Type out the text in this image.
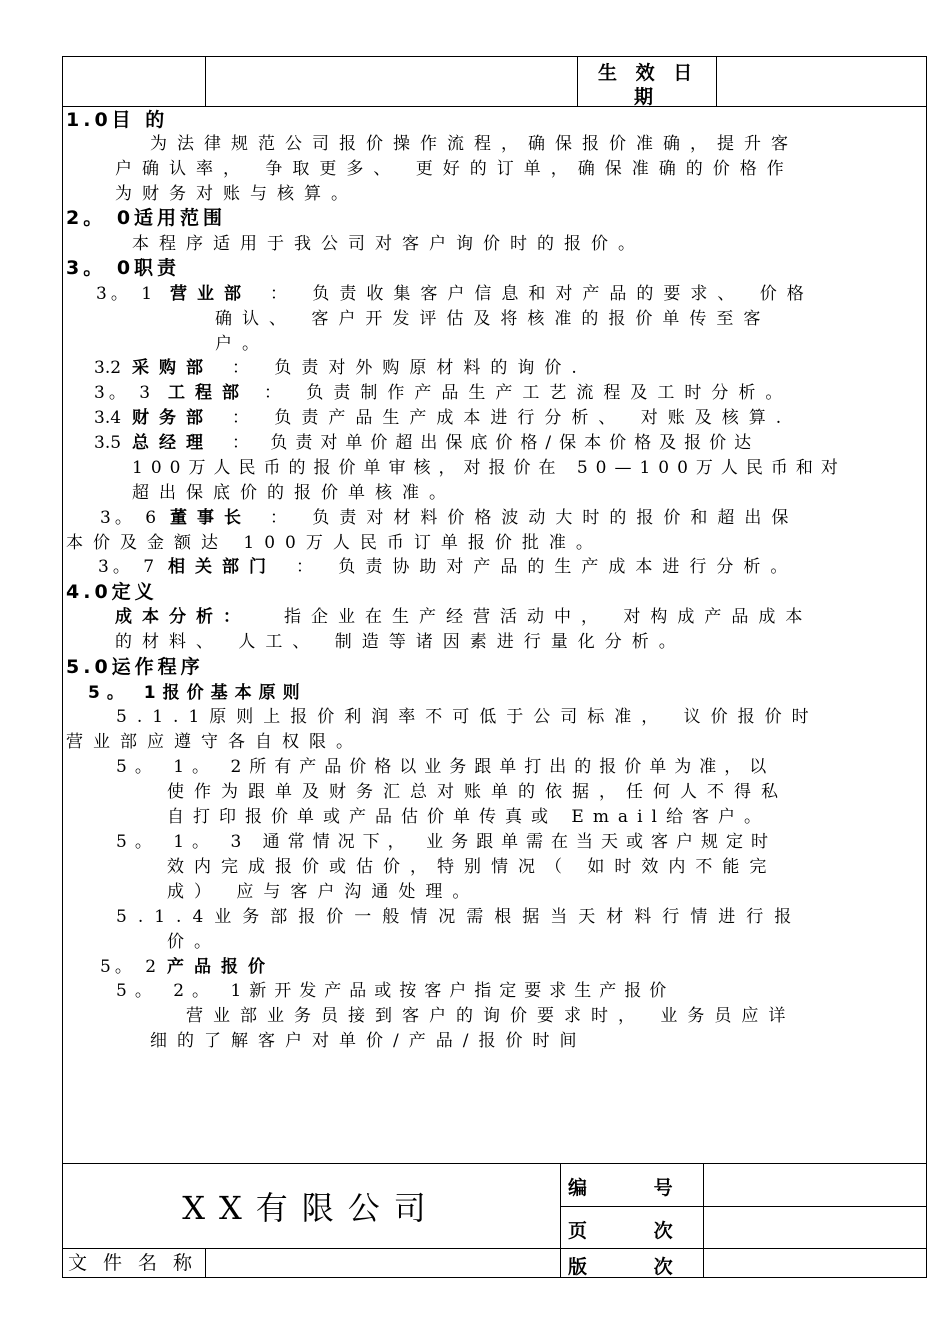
生 效 日
期
1.0目 的
为法律规范公司报价操作流程，确保报价准确，提升客
户确认率， 争取更多、 更好的订单，确保准确的价格作
为财务对账与核算。
2。 0适用范围
本程序适用于我公司对客户询价时的报价。
3。 0职责
3。 1 营业部 ： 负责收集客户信息和对产品的要求、 价格
确认、 客户开发评估及将核准的报价单传至客
户。
3.2 采购部 ： 负责对外购原材料的询价.
3。 3 工程部 ： 负责制作产品生产工艺流程及工时分析。
3.4 财务部 ： 负责产品生产成本进行分析、 对账及核算.
3.5 总经理 ： 负责对单价超出保底价格/保本价格及报价达
100万人民币的报价单审核，对报价在 50—100万人民币和对
超出保底价的报价单核准。
3。 6 董事长 ： 负责对材料价格波动大时的报价和超出保
本价及金额达 100万人民币订单报价批准。
3。 7 相关部门 ： 负责协助对产品的生产成本进行分析。
4.0定义
成本分析： 指企业在生产经营活动中， 对构成产品成本
的材料、 人工、 制造等诸因素进行量化分析。
5.0运作程序
5。 1报价基本原则
5.1.1原则上报价利润率不可低于公司标准， 议价报价时
营业部应遵守各自权限。
5。 1。 2所有产品价格以业务跟单打出的报价单为准，以
使作为跟单及财务汇总对账单的依据，任何人不得私
自打印报价单或产品估价单传真或 Email给客户。
5。 1。 3 通常情况下， 业务跟单需在当天或客户规定时
效内完成报价或估价，特别情况（ 如时效内不能完
成） 应与客户沟通处理。
5.1.4业务部报价一般情况需根据当天材料行情进行报
价。
5。 2 产品报价
5。 2。 1新开发产品或按客户指定要求生产报价
营业部业务员接到客户的询价要求时， 业务员应详
细的了解客户对单价/产品/报价时间
XX有限公司
编 号
页 次
版 次
文件名称
